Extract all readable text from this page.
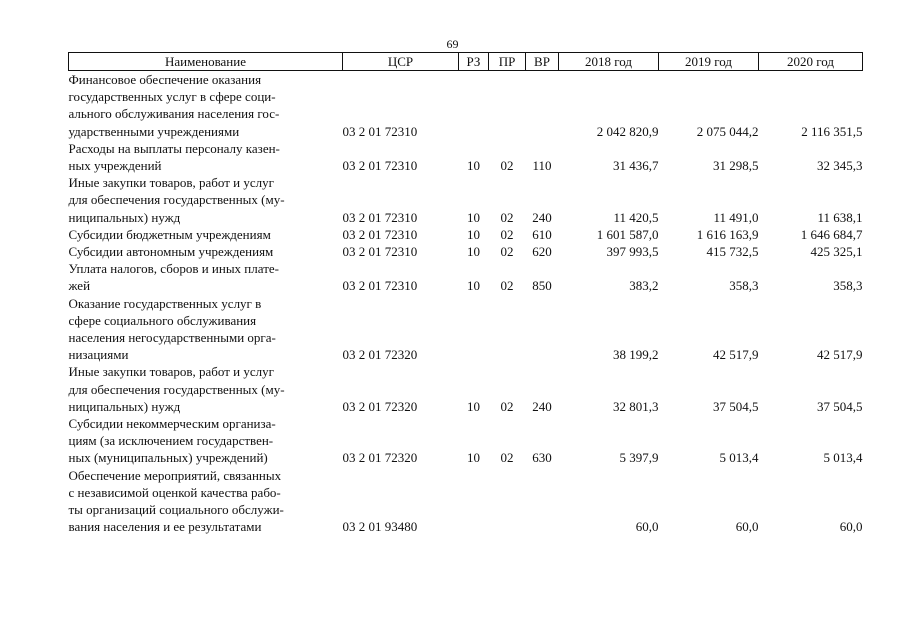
69
Наименование	ЦСР	РЗ	ПР	ВР	2018 год	2019 год	2020 год

Финансовое обеспечение оказания
государственных услуг в сфере соци-
ального обслуживания населения гос-
ударственными учреждениями	03 2 01 72310				2 042 820,9	2 075 044,2	2 116 351,5

Расходы на выплаты персоналу казен-
ных учреждений	03 2 01 72310	10	02	110	31 436,7	31 298,5	32 345,3

Иные закупки товаров, работ и услуг
для обеспечения государственных (му-
ниципальных) нужд	03 2 01 72310	10	02	240	11 420,5	11 491,0	11 638,1

Субсидии бюджетным учреждениям	03 2 01 72310	10	02	610	1 601 587,0	1 616 163,9	1 646 684,7

Субсидии автономным учреждениям	03 2 01 72310	10	02	620	397 993,5	415 732,5	425 325,1

Уплата налогов, сборов и иных плате-
жей	03 2 01 72310	10	02	850	383,2	358,3	358,3

Оказание государственных услуг в
сфере социального обслуживания
населения негосударственными орга-
низациями	03 2 01 72320				38 199,2	42 517,9	42 517,9

Иные закупки товаров, работ и услуг
для обеспечения государственных (му-
ниципальных) нужд	03 2 01 72320	10	02	240	32 801,3	37 504,5	37 504,5

Субсидии некоммерческим организа-
циям (за исключением государствен-
ных (муниципальных) учреждений)	03 2 01 72320	10	02	630	5 397,9	5 013,4	5 013,4

Обеспечение мероприятий, связанных
с независимой оценкой качества рабо-
ты организаций социального обслужи-
вания населения и ее результатами	03 2 01 93480				60,0	60,0	60,0
